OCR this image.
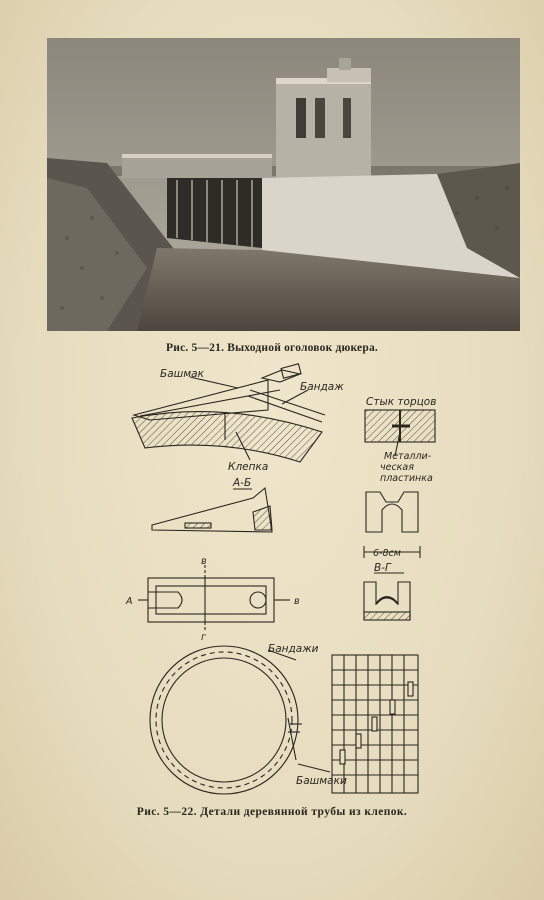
Рис. 5—21. Выходной оголовок дюкера.
Башмак
Бандаж
Клепка
Стык торцов
Металли-
ческая
пластинка
А-Б
6-8см
В-Г
в
А	в
г
Бандажи
Башмаки
Рис. 5—22. Детали деревянной трубы из клепок.
